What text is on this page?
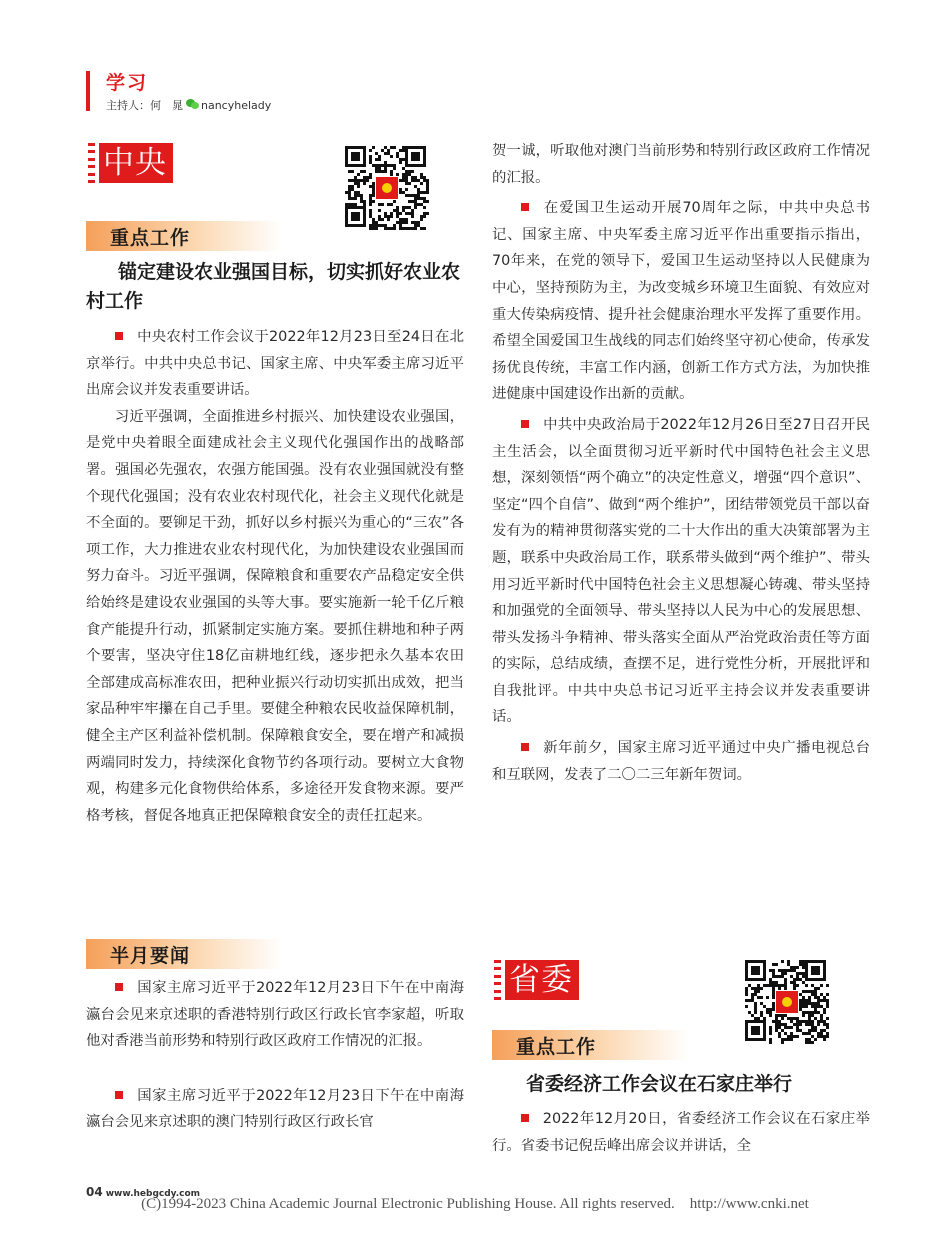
学习
主持人：何　晁 nancyhelady
中央
重点工作
锚定建设农业强国目标，切实抓好农业农村工作

中央农村工作会议于2022年12月23日至24日在北京举行。中共中央总书记、国家主席、中央军委主席习近平出席会议并发表重要讲话。

习近平强调，全面推进乡村振兴、加快建设农业强国，是党中央着眼全面建成社会主义现代化强国作出的战略部署。强国必先强农，农强方能国强。没有农业强国就没有整个现代化强国；没有农业农村现代化，社会主义现代化就是不全面的。要铆足干劲，抓好以乡村振兴为重心的“三农”各项工作，大力推进农业农村现代化，为加快建设农业强国而努力奋斗。习近平强调，保障粮食和重要农产品稳定安全供给始终是建设农业强国的头等大事。要实施新一轮千亿斤粮食产能提升行动，抓紧制定实施方案。要抓住耕地和种子两个要害，坚决守住18亿亩耕地红线，逐步把永久基本农田全部建成高标准农田，把种业振兴行动切实抓出成效，把当家品种牢牢攥在自己手里。要健全种粮农民收益保障机制，健全主产区利益补偿机制。保障粮食安全，要在增产和减损两端同时发力，持续深化食物节约各项行动。要树立大食物观，构建多元化食物供给体系，多途径开发食物来源。要严格考核，督促各地真正把保障粮食安全的责任扛起来。

半月要闻

国家主席习近平于2022年12月23日下午在中南海瀛台会见来京述职的香港特别行政区行政长官李家超，听取他对香港当前形势和特别行政区政府工作情况的汇报。

国家主席习近平于2022年12月23日下午在中南海瀛台会见来京述职的澳门特别行政区行政长官

贺一诚，听取他对澳门当前形势和特别行政区政府工作情况的汇报。

在爱国卫生运动开展70周年之际，中共中央总书记、国家主席、中央军委主席习近平作出重要指示指出，70年来，在党的领导下，爱国卫生运动坚持以人民健康为中心，坚持预防为主，为改变城乡环境卫生面貌、有效应对重大传染病疫情、提升社会健康治理水平发挥了重要作用。希望全国爱国卫生战线的同志们始终坚守初心使命，传承发扬优良传统，丰富工作内涵，创新工作方式方法，为加快推进健康中国建设作出新的贡献。

中共中央政治局于2022年12月26日至27日召开民主生活会，以全面贯彻习近平新时代中国特色社会主义思想，深刻领悟“两个确立”的决定性意义，增强“四个意识”、坚定“四个自信”、做到“两个维护”，团结带领党员干部以奋发有为的精神贯彻落实党的二十大作出的重大决策部署为主题，联系中央政治局工作，联系带头做到“两个维护”、带头用习近平新时代中国特色社会主义思想凝心铸魂、带头坚持和加强党的全面领导、带头坚持以人民为中心的发展思想、带头发扬斗争精神、带头落实全面从严治党政治责任等方面的实际，总结成绩，查摆不足，进行党性分析，开展批评和自我批评。中共中央总书记习近平主持会议并发表重要讲话。

新年前夕，国家主席习近平通过中央广播电视总台和互联网，发表了二〇二三年新年贺词。

省委
重点工作
省委经济工作会议在石家庄举行

2022年12月20日，省委经济工作会议在石家庄举行。省委书记倪岳峰出席会议并讲话，全

04 www.hebgcdy.com
(C)1994-2023 China Academic Journal Electronic Publishing House. All rights reserved.　http://www.cnki.net
